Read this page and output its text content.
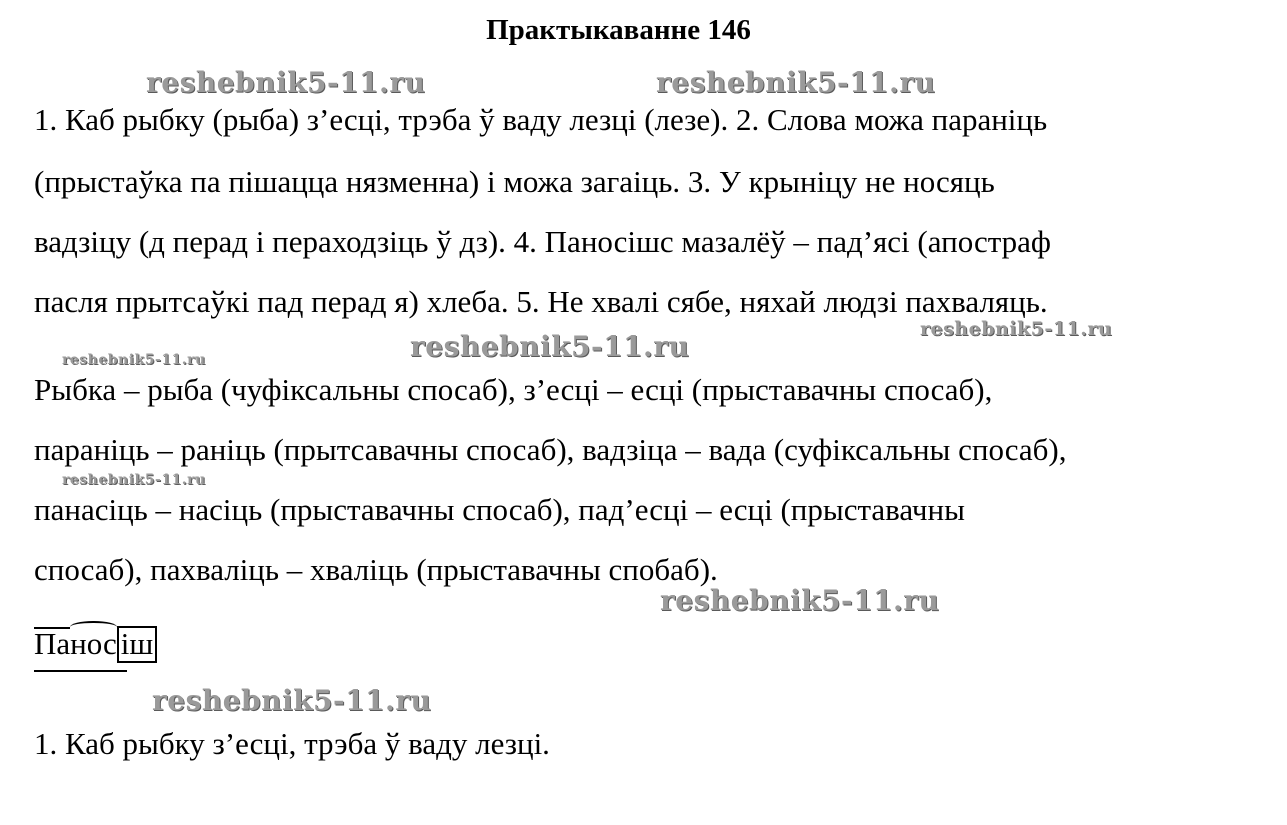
Практыкаванне 146
reshebnik5-11.ru	reshebnik5-11.ru
reshebnik5-11.ru
reshebnik5-11.ru
reshebnik5-11.ru
reshebnik5-11.ru
reshebnik5-11.ru
reshebnik5-11.ru
1. Каб рыбку (рыба) з’есці, трэба ў ваду лезці (лезе). 2. Слова можа параніць
(прыстаўка па пішацца нязменна) і можа загаіць. 3. У крыніцу не носяць
вадзіцу (д перад і пераходзіць ў дз). 4. Паносішс мазалёў – пад’ясі (апостраф
пасля прытсаўкі пад перад я) хлеба. 5. Не хвалі сябе, няхай людзі пахваляць.
Рыбка – рыба (чуфіксальны спосаб), з’есці – есці (прыставачны спосаб),
параніць – раніць (прытсавачны спосаб), вадзіца – вада (суфіксальны спосаб),
панасіць – насіць (прыставачны спосаб), пад’есці – есці (прыставачны
спосаб), пахваліць – хваліць (прыставачны спобаб).
Панос іш
1. Каб рыбку з’есці, трэба ў ваду лезці.
